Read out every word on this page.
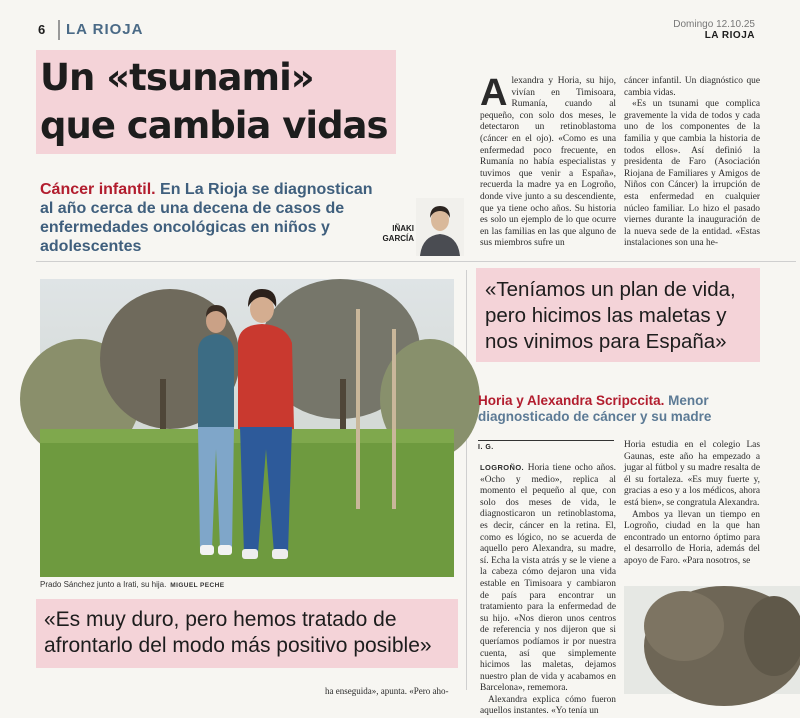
6 LA RIOJA	Domingo 12.10.25
LA RIOJA
Un «tsunami»
que cambia vidas
Cáncer infantil. En La Rioja se diagnostican al año cerca de una decena de casos de enfermedades oncológicas en niños y adolescentes
IÑAKI
GARCÍA
Alexandra y Horia, su hijo, vivían en Timisoara, Rumanía, cuando al pequeño, con solo dos meses, le detectaron un retinoblastoma (cáncer en el ojo). «Como es una enfermedad poco frecuente, en Rumanía no había especialistas y tuvimos que venir a España», recuerda la madre ya en Logroño, donde vive junto a su descendiente, que ya tiene ocho años. Su historia es solo un ejemplo de lo que ocurre en las familias en las que alguno de sus miembros sufre un

cáncer infantil. Un diagnóstico que cambia vidas.

«Es un tsunami que complica gravemente la vida de todos y cada uno de los componentes de la familia y que cambia la historia de todos ellos». Así definió la presidenta de Faro (Asociación Riojana de Familiares y Amigos de Niños con Cáncer) la irrupción de esta enfermedad en cualquier núcleo familiar. Lo hizo el pasado viernes durante la inauguración de la nueva sede de la entidad. «Estas instalaciones son una he-

Prado Sánchez junto a Irati, su hija. MIGUEL PECHE
«Teníamos un plan de vida, pero hicimos las maletas y nos vinimos para España»
«Es muy duro, pero hemos tratado de afrontarlo del modo más positivo posible»
Horia y Alexandra Scripccita. Menor diagnosticado de cáncer y su madre
I. G.

LOGROÑO. Horia tiene ocho años. «Ocho y medio», replica al momento el pequeño al que, con solo dos meses de vida, le diagnosticaron un retinoblastoma, es decir, cáncer en la retina. El, como es lógico, no se acuerda de aquello pero Alexandra, su madre, sí. Echa la vista atrás y se le viene a la cabeza cómo dejaron una vida estable en Timisoara y cambiaron de país para encontrar un tratamiento para la enfermedad de su hijo. «Nos dieron unos centros de referencia y nos dijeron que si queríamos podíamos ir por nuestra cuenta, así que simplemente hicimos las maletas, dejamos nuestro plan de vida y acabamos en Barcelona», rememora.

Alexandra explica cómo fueron aquellos instantes. «Yo tenía un

Horia estudia en el colegio Las Gaunas, este año ha empezado a jugar al fútbol y su madre resalta de él su fortaleza. «Es muy fuerte y, gracias a eso y a los médicos, ahora está bien», se congratula Alexandra.

Ambos ya llevan un tiempo en Logroño, ciudad en la que han encontrado un entorno óptimo para el desarrollo de Horia, además del apoyo de Faro. «Para nosotros, se

ha enseguida», apunta. «Pero aho-
